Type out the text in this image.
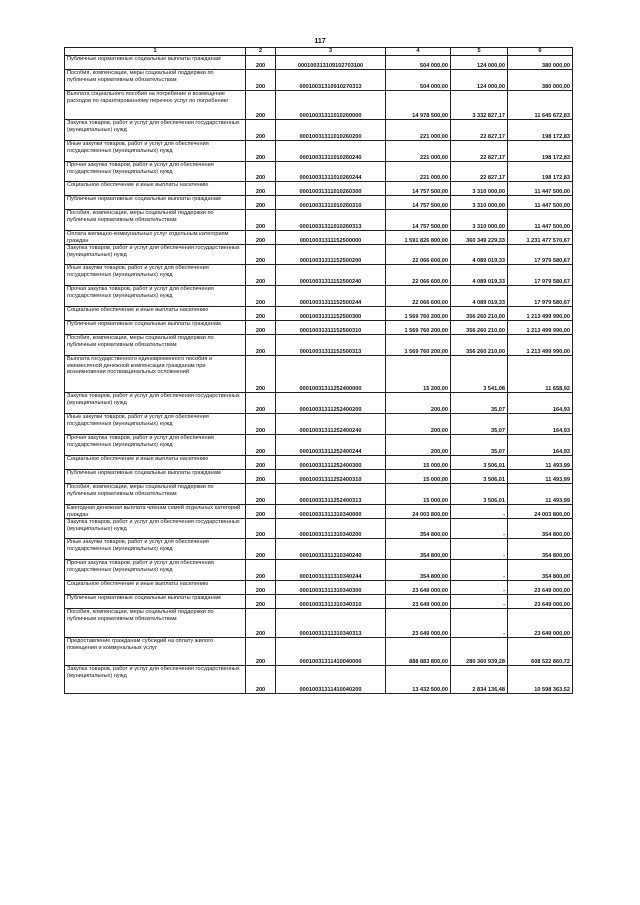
117
1	2	3	4	5	6
Публичные нормативные социальные выплаты гражданам	200	000100313109102703100	504 000,00	124 000,00	380 000,00
Пособия, компенсации, меры социальной поддержки по публичным нормативным обязательствам	200	00010031310910270313	504 000,00	124 000,00	380 000,00
Выплата социального пособия на погребение и возмещение расходов по гарантированному перечню услуг по погребению	200	00010031311010260000	14 978 500,00	3 332 827,17	11 645 672,83
Закупка товаров, работ и услуг для обеспечения государственных (муниципальных) нужд	200	00010031311010260200	221 000,00	22 827,17	198 172,83
Иные закупки товаров, работ и услуг для обеспечения государственных (муниципальных) нужд	200	00010031311010260240	221 000,00	22 827,17	198 172,83
Прочая закупка товаров, работ и услуг для обеспечения государственных (муниципальных) нужд	200	00010031311010260244	221 000,00	22 827,17	198 172,83
Социальное обеспечение и иные выплаты населению	200	00010031311010260300	14 757 500,00	3 310 000,00	11 447 500,00
Публичные нормативные социальные выплаты гражданам	200	00010031311010260310	14 757 500,00	3 310 000,00	11 447 500,00
Пособия, компенсации, меры социальной поддержки по публичным нормативным обязательствам	200	00010031311010260313	14 757 500,00	3 310 000,00	11 447 500,00
Оплата жилищно-коммунальных услуг отдельным категориям граждан	200	00010031311152500000	1 591 826 800,00	360 349 229,33	1 231 477 570,67
Закупка товаров, работ и услуг для обеспечения государственных (муниципальных) нужд	200	00010031311152500200	22 066 600,00	4 089 019,33	17 979 580,67
Иные закупки товаров, работ и услуг для обеспечения государственных (муниципальных) нужд	200	00010031311152500240	22 066 600,00	4 089 019,33	17 979 580,67
Прочая закупка товаров, работ и услуг для обеспечения государственных (муниципальных) нужд	200	00010031311152500244	22 066 600,00	4 089 019,33	17 979 580,67
Социальное обеспечение и иные выплаты населению	200	00010031311152500300	1 569 760 200,00	356 260 210,00	1 213 499 990,00
Публичные нормативные социальные выплаты гражданам	200	00010031311152500310	1 569 760 200,00	356 260 210,00	1 213 499 990,00
Пособия, компенсации, меры социальной поддержки по публичным нормативным обязательствам	200	00010031311152500313	1 569 760 200,00	356 260 210,00	1 213 499 990,00
Выплата государственного единовременного пособия и ежемесячной денежной компенсации гражданам при возникновении поствакцинальных осложнений	200	00010031311252400000	15 200,00	3 541,08	11 658,92
Закупка товаров, работ и услуг для обеспечения государственных (муниципальных) нужд	200	00010031311252400200	200,00	35,07	164,93
Иные закупки товаров, работ и услуг для обеспечения государственных (муниципальных) нужд	200	00010031311252400240	200,00	35,07	164,93
Прочая закупка товаров, работ и услуг для обеспечения государственных (муниципальных) нужд	200	00010031311252400244	200,00	35,07	164,93
Социальное обеспечение и иные выплаты населению	200	00010031311252400300	15 000,00	3 506,01	11 493,99
Публичные нормативные социальные выплаты гражданам	200	00010031311252400310	15 000,00	3 506,01	11 493,99
Пособия, компенсации, меры социальной поддержки по публичным нормативным обязательствам	200	00010031311252400313	15 000,00	3 506,01	11 493,99
Ежегодная денежная выплата членам семей отдельных категорий граждан	200	00010031311310340000	24 003 800,00	-	24 003 800,00
Закупка товаров, работ и услуг для обеспечения государственных (муниципальных) нужд	200	00010031311310340200	354 800,00	-	354 800,00
Иные закупки товаров, работ и услуг для обеспечения государственных (муниципальных) нужд	200	00010031311310340240	354 800,00	-	354 800,00
Прочая закупка товаров, работ и услуг для обеспечения государственных (муниципальных) нужд	200	00010031311310340244	354 800,00	-	354 800,00
Социальное обеспечение и иные выплаты населению	200	00010031311310340300	23 649 000,00	-	23 649 000,00
Публичные нормативные социальные выплаты гражданам	200	00010031311310340310	23 649 000,00	-	23 649 000,00
Пособия, компенсации, меры социальной поддержки по публичным нормативным обязательствам	200	00010031311310340313	23 649 000,00	-	23 649 000,00
Предоставление гражданам субсидий на оплату жилого помещения и коммунальных услуг	200	00010031311410040000	888 883 800,00	280 360 939,28	608 522 860,72
Закупка товаров, работ и услуг для обеспечения государственных (муниципальных) нужд	200	00010031311410040200	13 432 500,00	2 834 136,48	10 598 363,52
